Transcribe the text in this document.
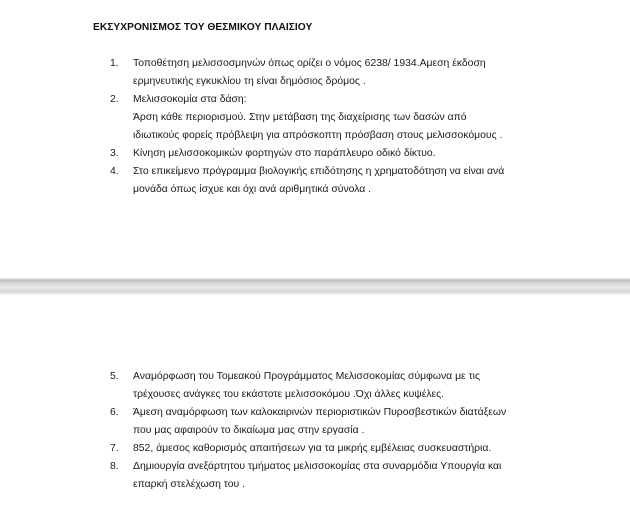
ΕΚΣΥΧΡΟΝΙΣΜΟΣ ΤΟΥ ΘΕΣΜΙΚΟΥ ΠΛΑΙΣΙΟΥ
1. Τοποθέτηση μελισσοσμηνών όπως ορίζει ο νόμος 6238/ 1934.Αμεση έκδοση
ερμηνευτικής εγκυκλίου τη είναι δημόσιος δρόμος .
2. Μελισσοκομία στα δάση:
Άρση κάθε περιορισμού. Στην μετάβαση της διαχείρισης των δασών από
ιδιωτικούς φορείς πρόβλεψη για απρόσκοπτη πρόσβαση στους μελισσοκόμους .
3. Κίνηση μελισσοκομικών φορτηγών στο παράπλευρο οδικό δίκτυο.
4. Στο επικείμενο πρόγραμμα βιολογικής επιδότησης η χρηματοδότηση να είναι ανά
μονάδα όπως ίσχυε και όχι ανά αριθμητικά σύνολα .
5. Αναμόρφωση του Τομεακού Προγράμματος Μελισσοκομίας σύμφωνα με τις
τρέχουσες ανάγκες του εκάστοτε μελισσοκόμου .Όχι άλλες κυψέλες.
6. Άμεση αναμόρφωση των καλοκαιρινών περιοριστικών Πυροσβεστικών διατάξεων
που μας αφαιρούν το δικαίωμα μας στην εργασία .
7. 852, άμεσος καθορισμός απαιτήσεων για τα μικρής εμβέλειας συσκευαστήρια.
8. Δημιουργία ανεξάρτητου τμήματος μελισσοκομίας στα συναρμόδια Υπουργία και
επαρκή στελέχωση του .
